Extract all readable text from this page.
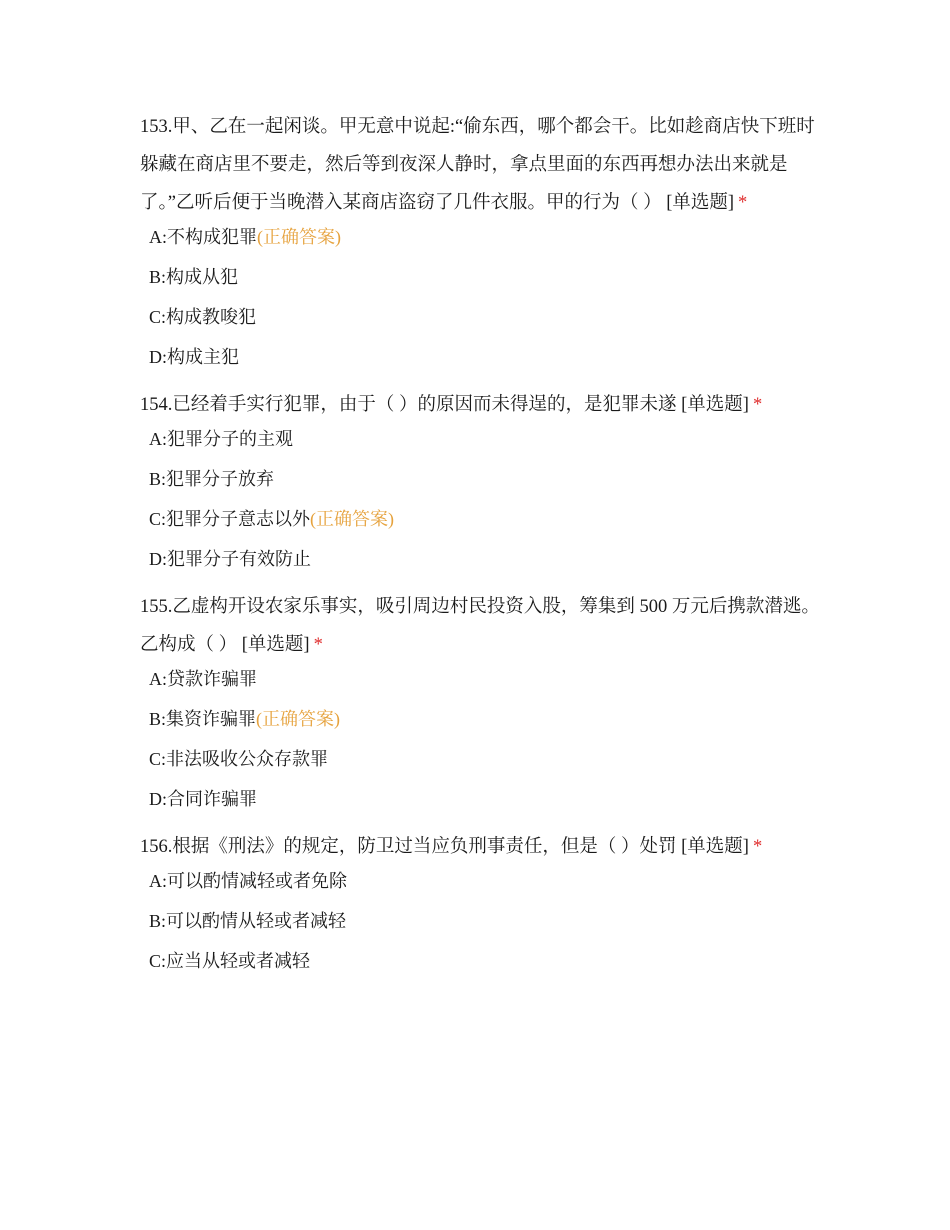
153.甲、乙在一起闲谈。甲无意中说起:“偷东西，哪个都会干。比如趁商店快下班时躲藏在商店里不要走，然后等到夜深人静时，拿点里面的东西再想办法出来就是了。”乙听后便于当晚潜入某商店盗窃了几件衣服。甲的行为（ ） [单选题] *

A:不构成犯罪(正确答案)
B:构成从犯
C:构成教唆犯
D:构成主犯

154.已经着手实行犯罪，由于（ ）的原因而未得逞的，是犯罪未遂 [单选题] *

A:犯罪分子的主观
B:犯罪分子放弃
C:犯罪分子意志以外(正确答案)
D:犯罪分子有效防止

155.乙虚构开设农家乐事实，吸引周边村民投资入股，筹集到 500 万元后携款潜逃。乙构成（ ） [单选题] *

A:贷款诈骗罪
B:集资诈骗罪(正确答案)
C:非法吸收公众存款罪
D:合同诈骗罪

156.根据《刑法》的规定，防卫过当应负刑事责任，但是（ ）处罚 [单选题] *

A:可以酌情减轻或者免除
B:可以酌情从轻或者减轻
C:应当从轻或者减轻
